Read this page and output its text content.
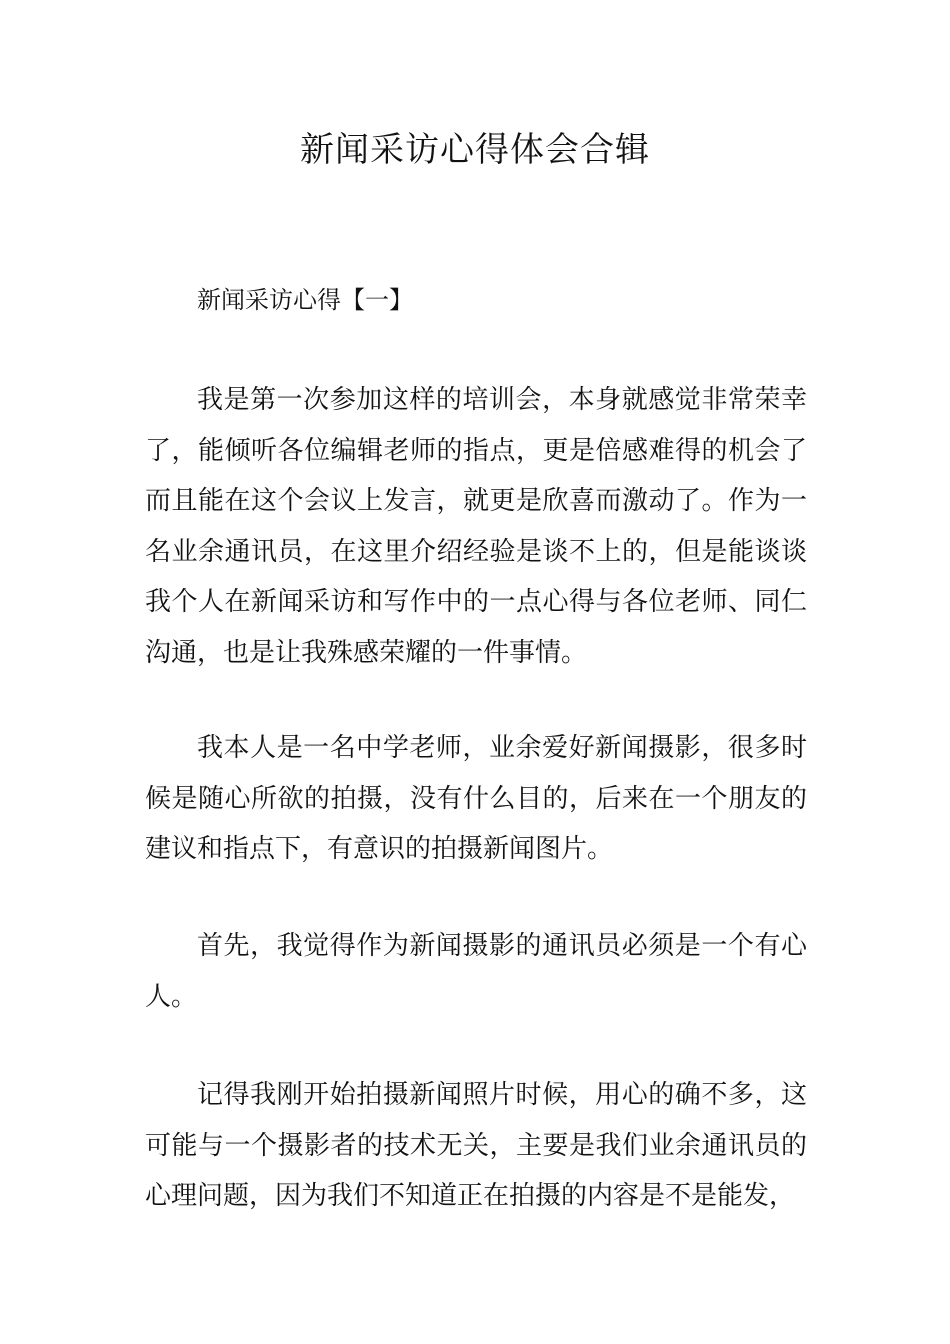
新闻采访心得体会合辑
新闻采访心得【一】

我是第一次参加这样的培训会，本身就感觉非常荣幸了，能倾听各位编辑老师的指点，更是倍感难得的机会了而且能在这个会议上发言，就更是欣喜而激动了。作为一名业余通讯员，在这里介绍经验是谈不上的，但是能谈谈我个人在新闻采访和写作中的一点心得与各位老师、同仁沟通，也是让我殊感荣耀的一件事情。

我本人是一名中学老师，业余爱好新闻摄影，很多时候是随心所欲的拍摄，没有什么目的，后来在一个朋友的建议和指点下，有意识的拍摄新闻图片。

首先，我觉得作为新闻摄影的通讯员必须是一个有心人。

记得我刚开始拍摄新闻照片时候，用心的确不多，这可能与一个摄影者的技术无关，主要是我们业余通讯员的心理问题，因为我们不知道正在拍摄的内容是不是能发，
